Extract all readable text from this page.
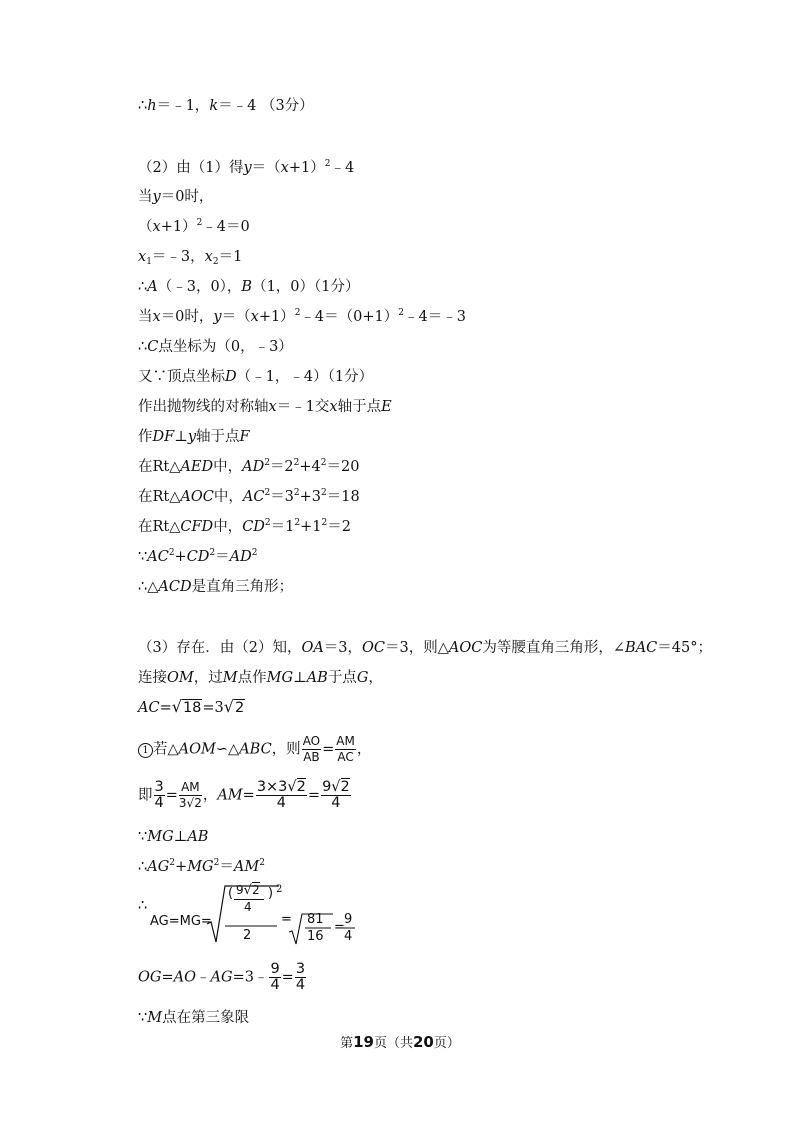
∴h＝﹣1，k＝﹣4 （3分）
（2）由（1）得$y=(x+1)^2﹣4$
当y＝0时，
$(x+1)^2﹣4=0$
$x_1=﹣3$，$x_2=1$
∴A（﹣3，0），B（1，0）（1分）
当x＝0时，$y=(x+1)^2﹣4=(0+1)^2﹣4=﹣3$
∴C点坐标为（0，﹣3）
又∵顶点坐标D（﹣1，﹣4）（1分）
作出抛物线的对称轴x＝﹣1交x轴于点E
作DF⊥y轴于点F
在Rt△AED中，$AD^2=2^2+4^2=20$
在Rt△AOC中，$AC^2=3^2+3^2=18$
在Rt△CFD中，$CD^2=1^2+1^2=2$
$\because AC^2+CD^2=AD^2$
∴△ACD是直角三角形；
（3）存在．由（2）知，OA＝3，OC＝3，则△AOC为等腰直角三角形，∠BAC＝45°；
连接OM，过M点作MG⊥AB于点G，
AC=√18=3√2
1 若△AOM∽△ABC，则 $\frac{AO}{AB} = \frac{AM}{AC}$ ，
即 $\frac{3}{4} = \frac{AM}{3√2}$ ，$AM= \frac{3\times 3√2}{4} = \frac{9√2}{4}$
∵MG⊥AB
$\therefore AG^2+MG^2=AM^2$
∴
AG=MG=
( 9√2
4
) 2
2
= 81
16
=
9
4
OG=AO﹣AG=3﹣ $\frac{9}{4} = \frac{3}{4}$
∵M点在第三象限
第19页（共20页）
